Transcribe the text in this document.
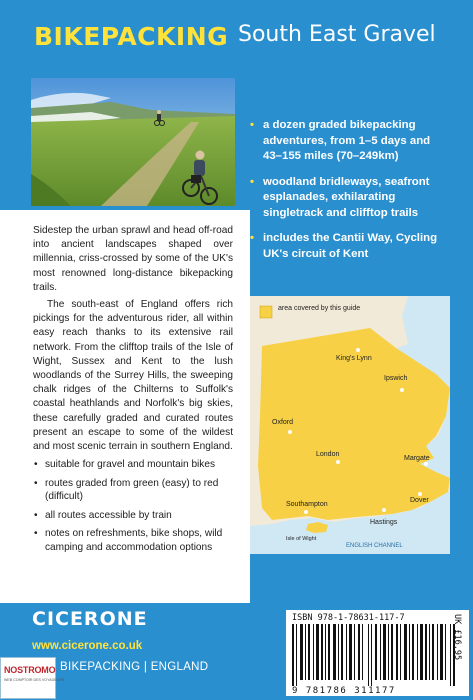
BIKEPACKING South East Gravel

Sidestep the urban sprawl and head off-road into ancient landscapes shaped over millennia, criss-crossed by some of the UK's most renowned long-distance bikepacking trails.

The south-east of England offers rich pickings for the adventurous rider, all within easy reach thanks to its extensive rail network. From the clifftop trails of the Isle of Wight, Sussex and Kent to the lush woodlands of the Surrey Hills, the sweeping chalk ridges of the Chilterns to Suffolk's coastal heathlands and Norfolk's big skies, these carefully graded and curated routes present an escape to some of the wildest and most scenic terrain in southern England.

• suitable for gravel and mountain bikes
• routes graded from green (easy) to red (difficult)
• all routes accessible by train
• notes on refreshments, bike shops, wild camping and accommodation options
• a dozen graded bikepacking adventures, from 1–5 days and 43–155 miles (70–249km)
• woodland bridleways, seafront esplanades, exhilarating singletrack and clifftop trails
• includes the Cantii Way, Cycling UK's circuit of Kent
area covered by this guide
King's Lynn
Ipswich
Oxford
London
Margate
Dover
Southampton
Hastings
Isle of Wight
ENGLISH CHANNEL
CICERONE
www.cicerone.co.uk
BIKEPACKING | ENGLAND
NOSTROMO
WEB COMPTOIR DES VOYAGEURS
ISBN 978-1-78631-117-7
9 781786 311177
UK £16.95
